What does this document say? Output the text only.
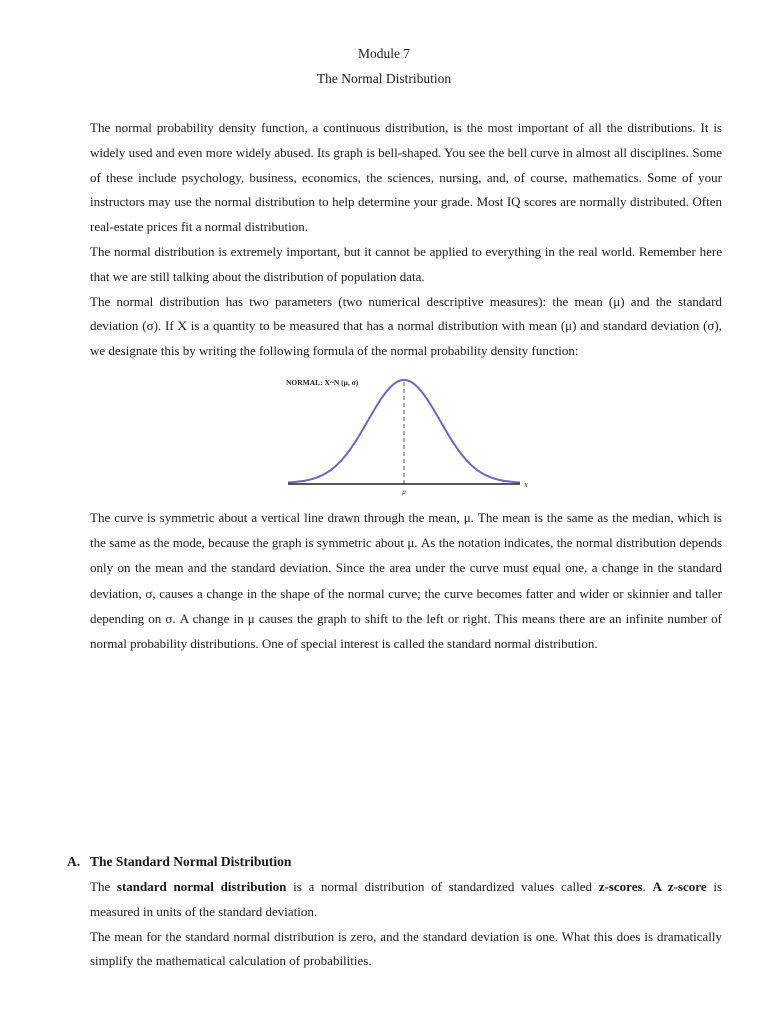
Module 7
The Normal Distribution

The normal probability density function, a continuous distribution, is the most important of all the distributions. It is widely used and even more widely abused. Its graph is bell-shaped. You see the bell curve in almost all disciplines. Some of these include psychology, business, economics, the sciences, nursing, and, of course, mathematics. Some of your instructors may use the normal distribution to help determine your grade. Most IQ scores are normally distributed. Often real-estate prices fit a normal distribution.

The normal distribution is extremely important, but it cannot be applied to everything in the real world. Remember here that we are still talking about the distribution of population data.

The normal distribution has two parameters (two numerical descriptive measures): the mean (μ) and the standard deviation (σ). If X is a quantity to be measured that has a normal distribution with mean (μ) and standard deviation (σ), we designate this by writing the following formula of the normal probability density function:

NORMAL: X~N (μ, σ)
μ
x

The curve is symmetric about a vertical line drawn through the mean, μ. The mean is the same as the median, which is the same as the mode, because the graph is symmetric about μ. As the notation indicates, the normal distribution depends only on the mean and the standard deviation. Since the area under the curve must equal one, a change in the standard deviation, σ, causes a change in the shape of the normal curve; the curve becomes fatter and wider or skinnier and taller depending on σ. A change in μ causes the graph to shift to the left or right. This means there are an infinite number of normal probability distributions. One of special interest is called the standard normal distribution.

A. The Standard Normal Distribution

The standard normal distribution is a normal distribution of standardized values called z-scores. A z-score is measured in units of the standard deviation.

The mean for the standard normal distribution is zero, and the standard deviation is one. What this does is dramatically simplify the mathematical calculation of probabilities.
